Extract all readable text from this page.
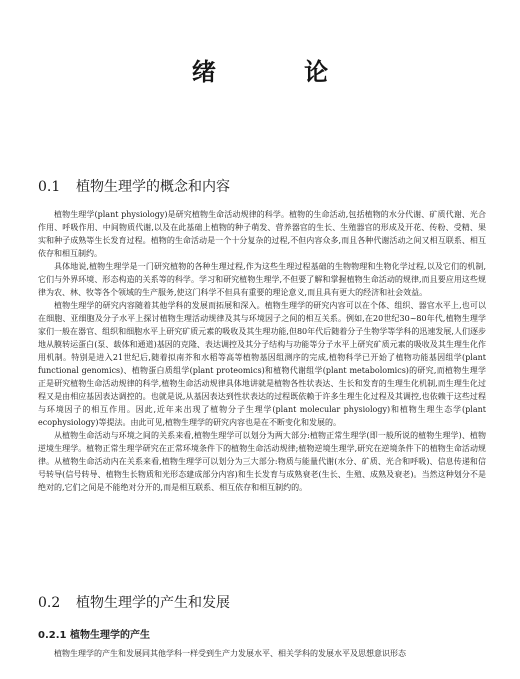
绪 论
0.1 植物生理学的概念和内容

植物生理学(plant physiology)是研究植物生命活动规律的科学。植物的生命活动,包括植物的水分代谢、矿质代谢、光合作用、呼吸作用、中间物质代谢,以及在此基础上植物的种子萌发、营养器官的生长、生殖器官的形成及开花、传粉、受精、果实和种子成熟等生长发育过程。植物的生命活动是一个十分复杂的过程,不但内容众多,而且各种代谢活动之间又相互联系、相互依存和相互制约。

具体地说,植物生理学是一门研究植物的各种生理过程,作为这些生理过程基础的生物物理和生物化学过程,以及它们的机制,它们与外界环境、形态构造的关系等的科学。学习和研究植物生理学,不但要了解和掌握植物生命活动的规律,而且要应用这些规律为农、林、牧等各个领域的生产服务,使这门科学不但具有重要的理论意义,而且具有更大的经济和社会效益。

植物生理学的研究内容随着其他学科的发展而拓展和深入。植物生理学的研究内容可以在个体、组织、器官水平上,也可以在细胞、亚细胞及分子水平上探讨植物生理活动规律及其与环境因子之间的相互关系。例如,在20世纪30~80年代,植物生理学家们一般在器官、组织和细胞水平上研究矿质元素的吸收及其生理功能,但80年代后随着分子生物学等学科的迅速发展,人们逐步地从膜转运蛋白(泵、载体和通道)基因的克隆、表达调控及其分子结构与功能等分子水平上研究矿质元素的吸收及其生理生化作用机制。特别是进入21世纪后,随着拟南芥和水稻等高等植物基因组测序的完成,植物科学已开始了植物功能基因组学(plant functional genomics)、植物蛋白质组学(plant proteomics)和植物代谢组学(plant metabolomics)的研究,而植物生理学正是研究植物生命活动规律的科学,植物生命活动规律具体地讲就是植物各性状表达、生长和发育的生理生化机制,而生理生化过程又是由相应基因表达调控的。也就是说,从基因表达到性状表达的过程既依赖于许多生理生化过程及其调控,也依赖于这些过程与环境因子的相互作用。因此,近年来出现了植物分子生理学(plant molecular physiology)和植物生理生态学(plant ecophysiology)等提法。由此可见,植物生理学的研究内容也是在不断变化和发展的。

从植物生命活动与环境之间的关系来看,植物生理学可以划分为两大部分:植物正常生理学(即一般所说的植物生理学)、植物逆境生理学。植物正常生理学研究在正常环境条件下的植物生命活动规律;植物逆境生理学,研究在逆境条件下的植物生命活动规律。从植物生命活动内在关系来看,植物生理学可以划分为三大部分:物质与能量代谢(水分、矿质、光合和呼吸)、信息传递和信号转导(信号转导、植物生长物质和光形态建成部分内容)和生长发育与成熟衰老(生长、生殖、成熟及衰老)。当然这种划分不是绝对的,它们之间是不能绝对分开的,而是相互联系、相互依存和相互制约的。

0.2 植物生理学的产生和发展
0.2.1 植物生理学的产生

植物生理学的产生和发展同其他学科一样受到生产力发展水平、相关学科的发展水平及思想意识形态
